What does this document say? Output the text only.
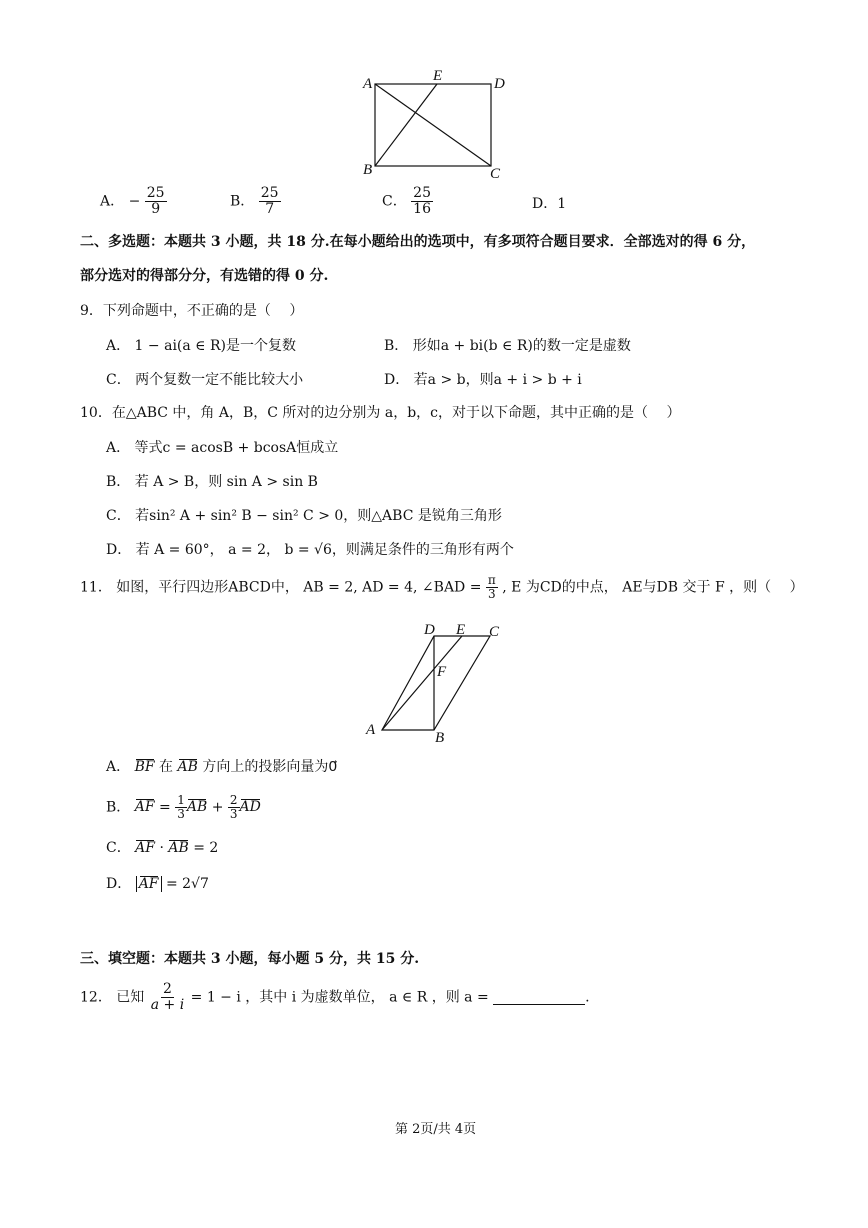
A	E	D
B	C
A． − $\frac{25}{9}$	B． $\frac{25}{7}$	C． $\frac{25}{16}$	D．1
二、多选题：本题共 3 小题，共 18 分.在每小题给出的选项中，有多项符合题目要求．全部选对的得 6 分，
部分选对的得部分分，有选错的得 0 分.
9．下列命题中，不正确的是（　 ）
A． 1 − ai(a ∈ R)是一个复数	B． 形如a + bi(b ∈ R)的数一定是虚数
C． 两个复数一定不能比较大小	D． 若a > b，则a + i > b + i
10．在△ABC 中，角 A，B，C 所对的边分别为 a，b，c，对于以下命题，其中正确的是（　 ）
A． 等式c = acosB + bcosA恒成立
B． 若 A > B，则 sin A > sin B
C． 若sin² A + sin² B − sin² C > 0，则△ABC 是锐角三角形
D． 若 A = 60°， a = 2， b = √6，则满足条件的三角形有两个
11． 如图，平行四边形ABCD中， AB = 2, AD = 4, ∠BAD = $\frac{\pi}{3}$ , E 为CD的中点， AE与DB 交于 F ，则（　 ）
D E C
F
A	B
A． BF 在 AB 方向上的投影向量为0⃗
B． AF = $\frac{1}{3}$ AB + $\frac{2}{3}$ AD
C． AF · AB = 2
D． AF = 2√7
三、填空题：本题共 3 小题，每小题 5 分，共 15 分.
12． 已知 $\frac{2}{a + i} = 1 - i$ ，其中 i 为虚数单位， a ∈ R ，则 a =	.
第 2页/共 4页
